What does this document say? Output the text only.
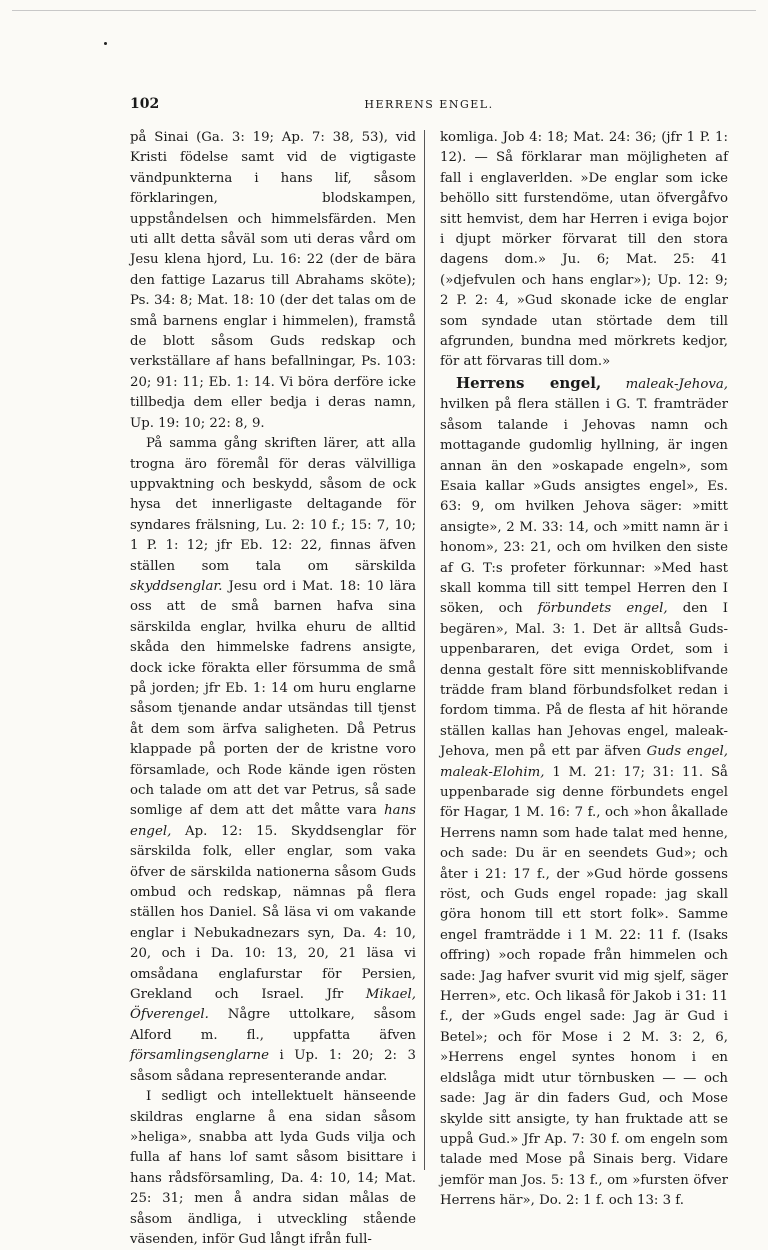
102	HERRENS ENGEL.

på Sinai (Ga. 3: 19; Ap. 7: 38, 53), vid Kristi födelse samt vid de vigtigaste vändpunkterna i hans lif, såsom förklaringen, blodskampen, uppståndelsen och himmelsfärden. Men uti allt detta såväl som uti deras vård om Jesu klena hjord, Lu. 16: 22 (der de bära den fattige Lazarus till Abrahams sköte); Ps. 34: 8; Mat. 18: 10 (der det talas om de små barnens englar i himmelen), framstå de blott såsom Guds redskap och verkställare af hans befallningar, Ps. 103: 20; 91: 11; Eb. 1: 14. Vi böra derföre icke tillbedja dem eller bedja i deras namn, Up. 19: 10; 22: 8, 9.

På samma gång skriften lärer, att alla trogna äro föremål för deras välvilliga uppvaktning och beskydd, såsom de ock hysa det innerligaste deltagande för syndares frälsning, Lu. 2: 10 f.; 15: 7, 10; 1 P. 1: 12; jfr Eb. 12: 22, finnas äfven ställen som tala om särskilda skyddsenglar. Jesu ord i Mat. 18: 10 lära oss att de små barnen hafva sina särskilda englar, hvilka ehuru de alltid skåda den himmelske fadrens ansigte, dock icke förakta eller försumma de små på jorden; jfr Eb. 1: 14 om huru englarne såsom tjenande andar utsändas till tjenst åt dem som ärfva saligheten. Då Petrus klappade på porten der de kristne voro församlade, och Rode kände igen rösten och talade om att det var Petrus, så sade somlige af dem att det måtte vara hans engel, Ap. 12: 15. Skyddsenglar för särskilda folk, eller englar, som vaka öfver de särskilda nationerna såsom Guds ombud och redskap, nämnas på flera ställen hos Daniel. Så läsa vi om vakande englar i Nebukadnezars syn, Da. 4: 10, 20, och i Da. 10: 13, 20, 21 läsa vi omsådana englafurstar för Persien, Grekland och Israel. Jfr Mikael, Öfverengel. Någre uttolkare, såsom Alford m. fl., uppfatta äfven församlingsenglarne i Up. 1: 20; 2: 3 såsom sådana representerande andar.

I sedligt och intellektuelt hänseende skildras englarne å ena sidan såsom »heliga», snabba att lyda Guds vilja och fulla af hans lof samt såsom bisittare i hans rådsförsamling, Da. 4: 10, 14; Mat. 25: 31; men å andra sidan målas de såsom ändliga, i utveckling stående väsenden, inför Gud långt ifrån full-

komliga. Job 4: 18; Mat. 24: 36; (jfr 1 P. 1: 12). — Så förklarar man möjligheten af fall i englaverlden. »De englar som icke behöllo sitt furstendöme, utan öfvergåfvo sitt hemvist, dem har Herren i eviga bojor i djupt mörker förvarat till den stora dagens dom.» Ju. 6; Mat. 25: 41 (»djefvulen och hans englar»); Up. 12: 9; 2 P. 2: 4, »Gud skonade icke de englar som syndade utan störtade dem till afgrunden, bundna med mörkrets kedjor, för att förvaras till dom.»

Herrens engel, maleak-Jehova, hvilken på flera ställen i G. T. framträder såsom talande i Jehovas namn och mottagande gudomlig hyllning, är ingen annan än den »oskapade engeln», som Esaia kallar »Guds ansigtes engel», Es. 63: 9, om hvilken Jehova säger: »mitt ansigte», 2 M. 33: 14, och »mitt namn är i honom», 23: 21, och om hvilken den siste af G. T:s profeter förkunnar: »Med hast skall komma till sitt tempel Herren den I söken, och förbundets engel, den I begären», Mal. 3: 1. Det är alltså Guds-uppenbararen, det eviga Ordet, som i denna gestalt före sitt menniskoblifvande trädde fram bland förbundsfolket redan i fordom timma. På de flesta af hit hörande ställen kallas han Jehovas engel, maleak-Jehova, men på ett par äfven Guds engel, maleak-Elohim, 1 M. 21: 17; 31: 11. Så uppenbarade sig denne förbundets engel för Hagar, 1 M. 16: 7 f., och »hon åkallade Herrens namn som hade talat med henne, och sade: Du är en seendets Gud»; och åter i 21: 17 f., der »Gud hörde gossens röst, och Guds engel ropade: jag skall göra honom till ett stort folk». Samme engel framträdde i 1 M. 22: 11 f. (Isaks offring) »och ropade från himmelen och sade: Jag hafver svurit vid mig sjelf, säger Herren», etc. Och likaså för Jakob i 31: 11 f., der »Guds engel sade: Jag är Gud i Betel»; och för Mose i 2 M. 3: 2, 6, »Herrens engel syntes honom i en eldslåga midt utur törnbusken — — och sade: Jag är din faders Gud, och Mose skylde sitt ansigte, ty han fruktade att se uppå Gud.» Jfr Ap. 7: 30 f. om engeln som talade med Mose på Sinais berg. Vidare jemför man Jos. 5: 13 f., om »fursten öfver Herrens här», Do. 2: 1 f. och 13: 3 f.
